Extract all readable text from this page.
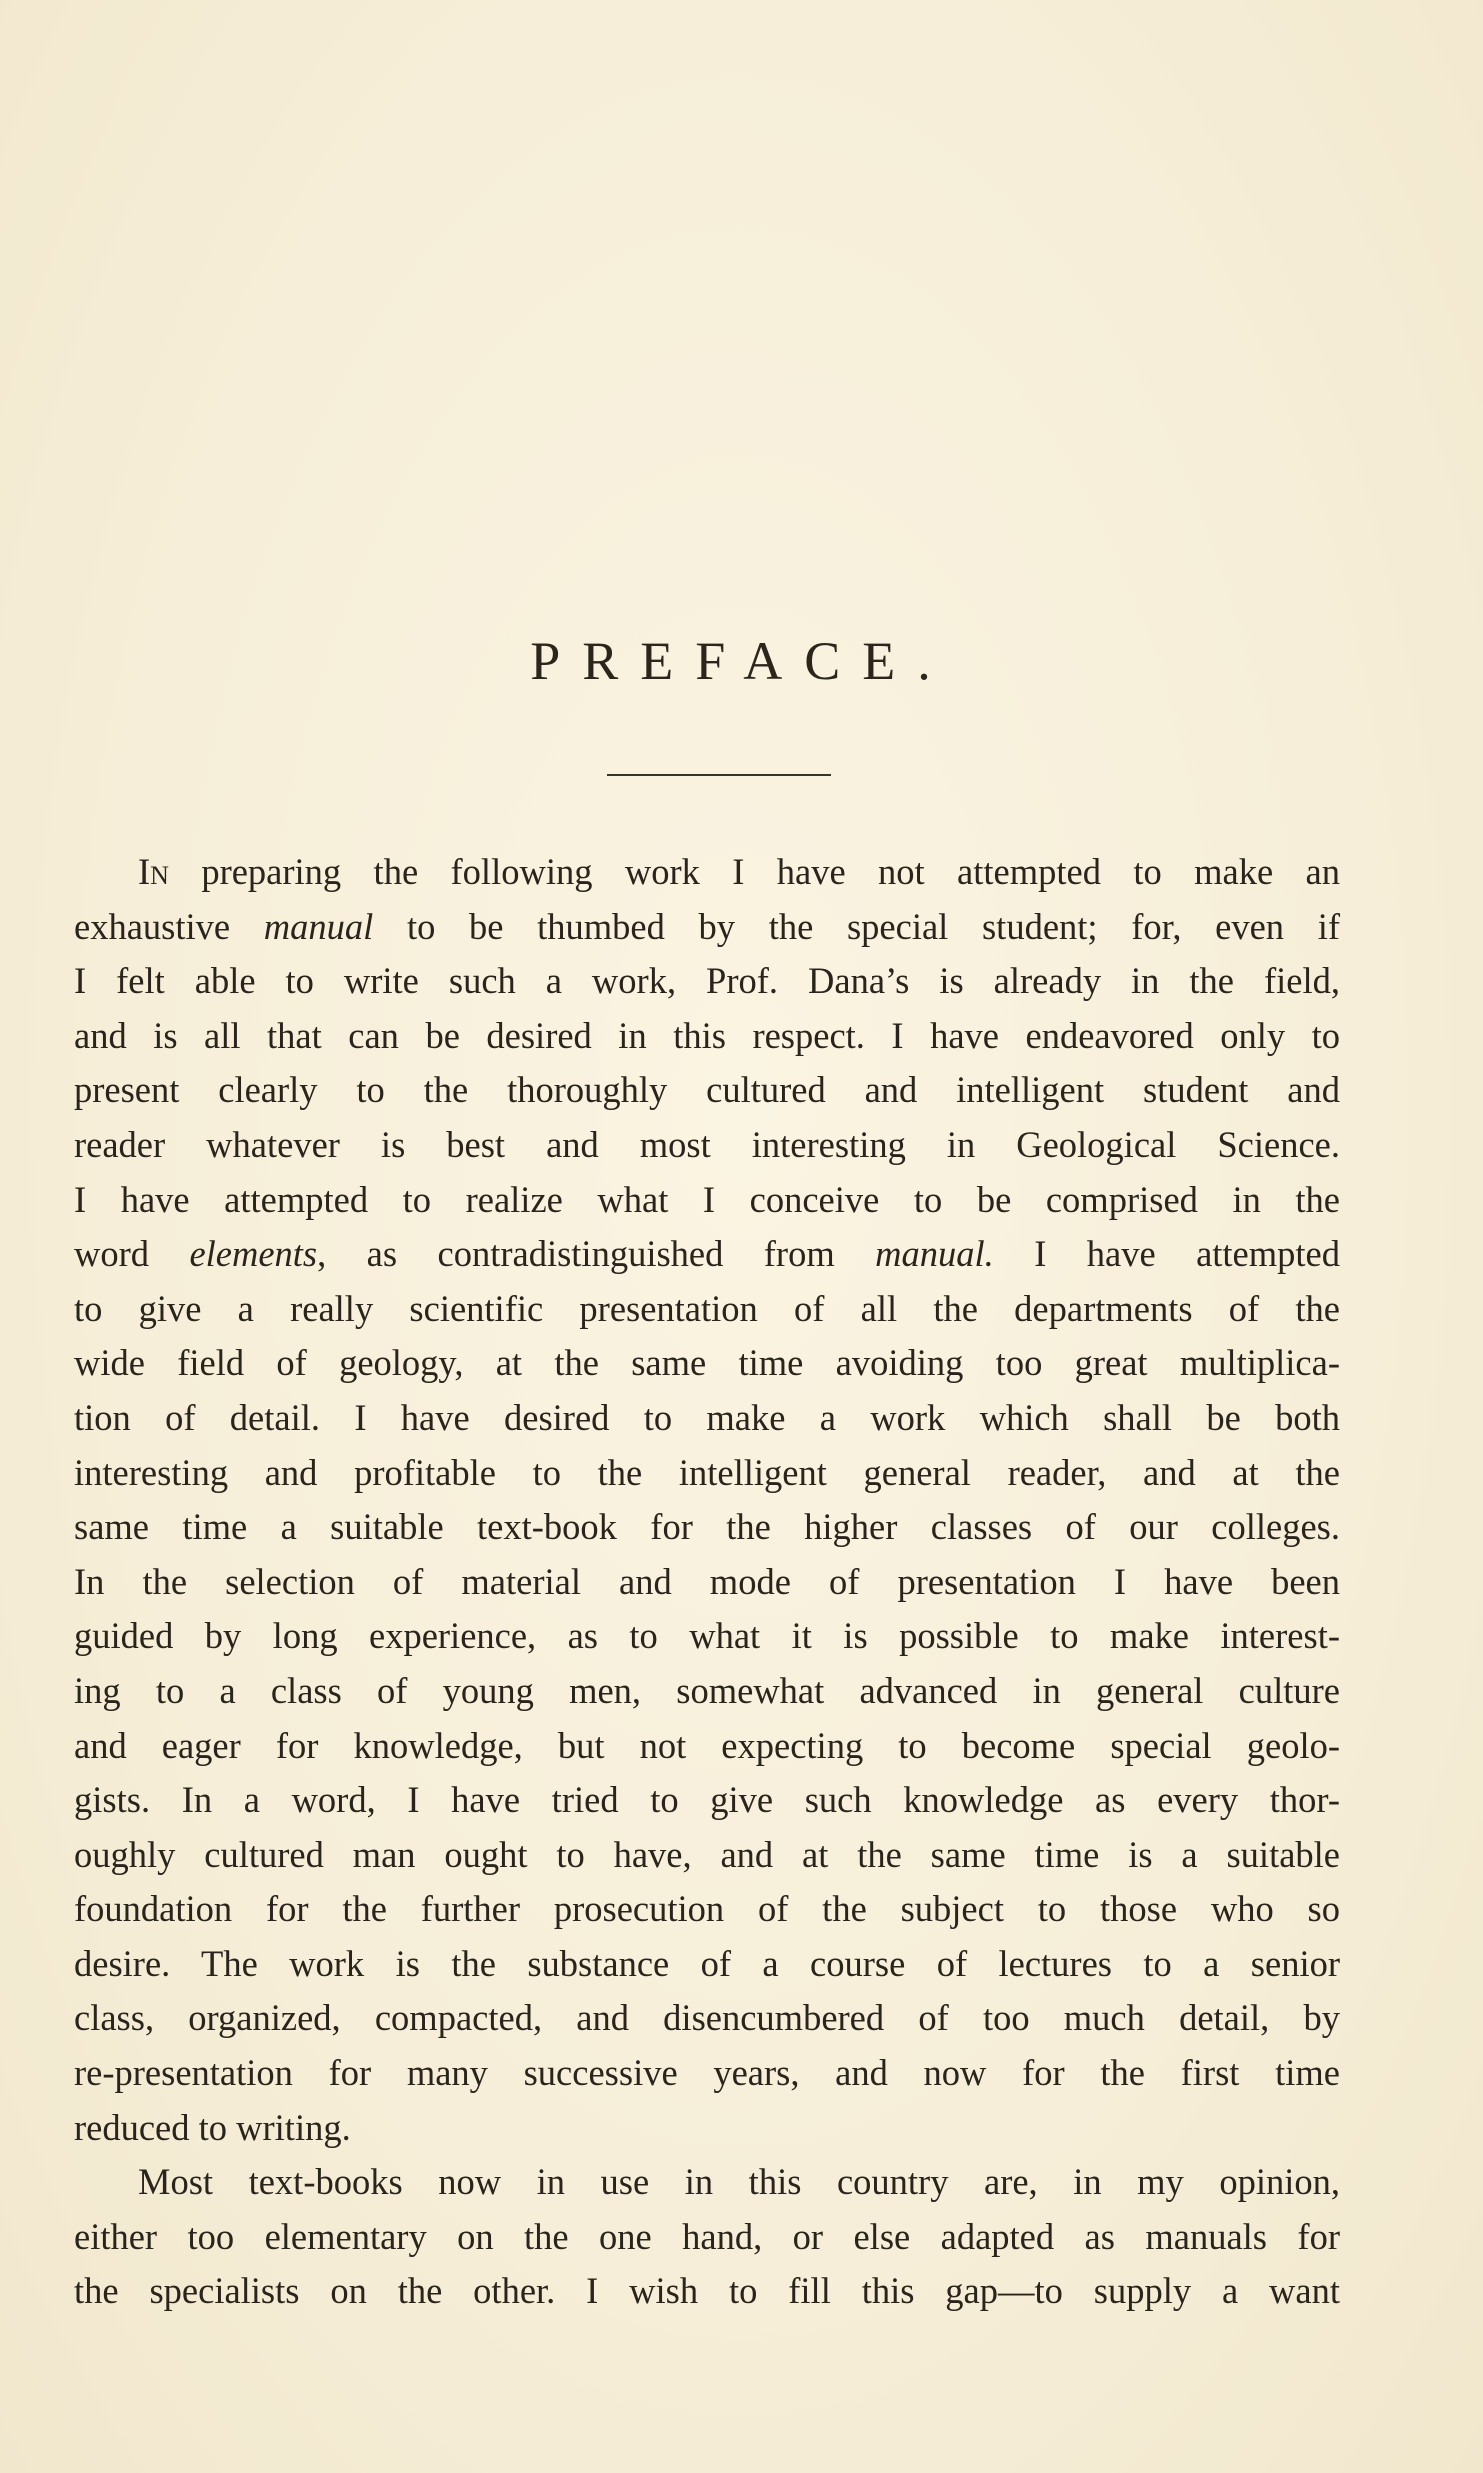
PREFACE.
In preparing the following work I have not attempted to make an
exhaustive manual to be thumbed by the special student; for, even if
I felt able to write such a work, Prof. Dana’s is already in the field,
and is all that can be desired in this respect. I have endeavored only to
present clearly to the thoroughly cultured and intelligent student and
reader whatever is best and most interesting in Geological Science.
I have attempted to realize what I conceive to be comprised in the
word elements, as contradistinguished from manual. I have attempted
to give a really scientific presentation of all the departments of the
wide field of geology, at the same time avoiding too great multiplica-
tion of detail. I have desired to make a work which shall be both
interesting and profitable to the intelligent general reader, and at the
same time a suitable text-book for the higher classes of our colleges.
In the selection of material and mode of presentation I have been
guided by long experience, as to what it is possible to make interest-
ing to a class of young men, somewhat advanced in general culture
and eager for knowledge, but not expecting to become special geolo-
gists. In a word, I have tried to give such knowledge as every thor-
oughly cultured man ought to have, and at the same time is a suitable
foundation for the further prosecution of the subject to those who so
desire. The work is the substance of a course of lectures to a senior
class, organized, compacted, and disencumbered of too much detail, by
re-presentation for many successive years, and now for the first time
reduced to writing.
Most text-books now in use in this country are, in my opinion,
either too elementary on the one hand, or else adapted as manuals for
the specialists on the other. I wish to fill this gap—to supply a want
